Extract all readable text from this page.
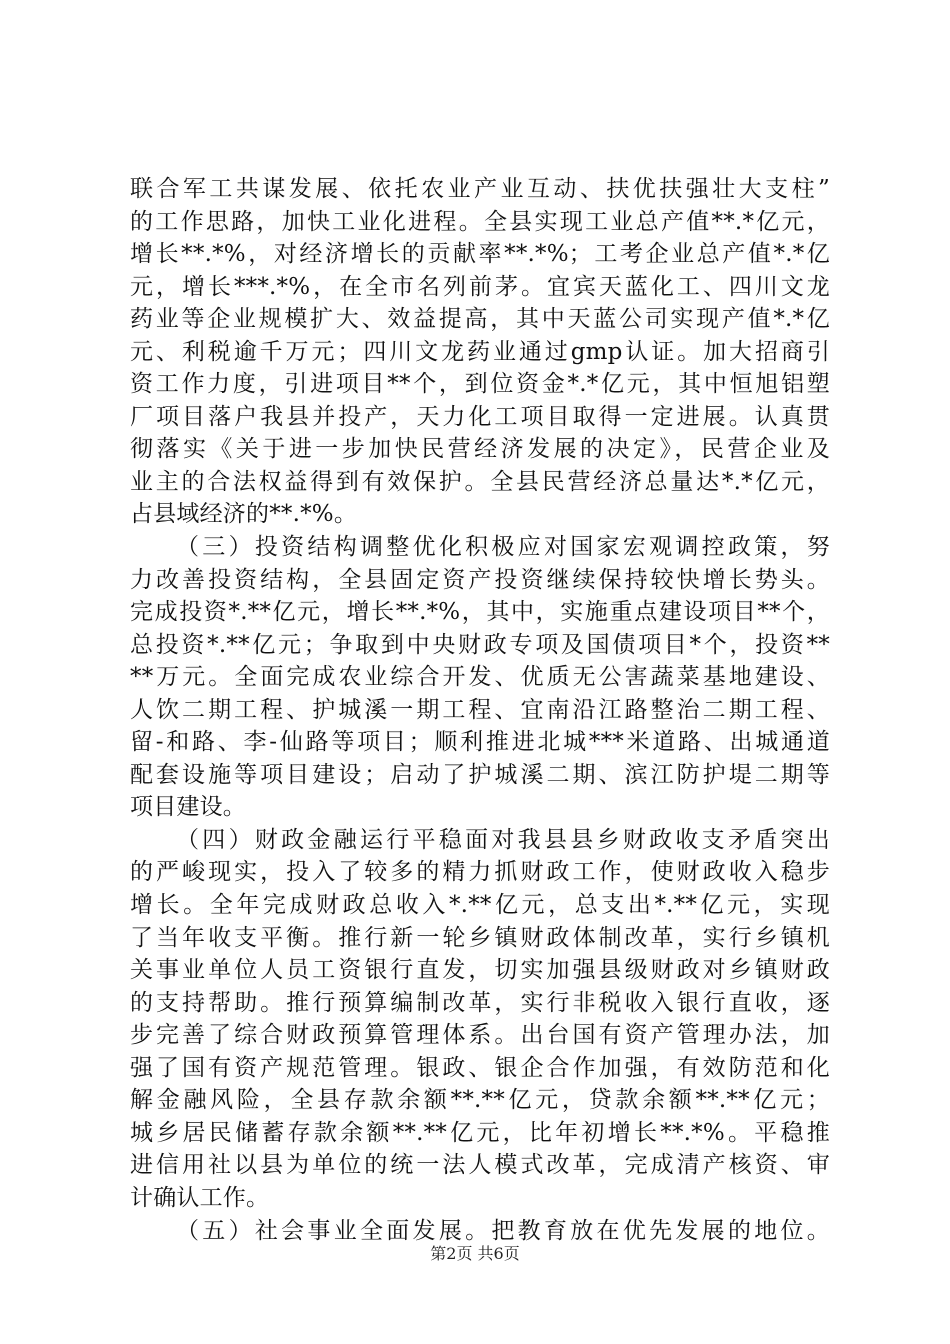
联合军工共谋发展、依托农业产业互动、扶优扶强壮大支柱”
的工作思路，加快工业化进程。全县实现工业总产值**.*亿元，
增长**.*%，对经济增长的贡献率**.*%；工考企业总产值*.*亿
元，增长***.*%，在全市名列前茅。宜宾天蓝化工、四川文龙
药业等企业规模扩大、效益提高，其中天蓝公司实现产值*.*亿
元、利税逾千万元；四川文龙药业通过gmp认证。加大招商引
资工作力度，引进项目**个，到位资金*.*亿元，其中恒旭铝塑
厂项目落户我县并投产，天力化工项目取得一定进展。认真贯
彻落实《关于进一步加快民营经济发展的决定》，民营企业及
业主的合法权益得到有效保护。全县民营经济总量达*.*亿元，
占县域经济的**.*%。
（三）投资结构调整优化积极应对国家宏观调控政策，努
力改善投资结构，全县固定资产投资继续保持较快增长势头。
完成投资*.**亿元，增长**.*%，其中，实施重点建设项目**个，
总投资*.**亿元；争取到中央财政专项及国债项目*个，投资**
**万元。全面完成农业综合开发、优质无公害蔬菜基地建设、
人饮二期工程、护城溪一期工程、宜南沿江路整治二期工程、
留-和路、李-仙路等项目；顺利推进北城***米道路、出城通道
配套设施等项目建设；启动了护城溪二期、滨江防护堤二期等
项目建设。
（四）财政金融运行平稳面对我县县乡财政收支矛盾突出
的严峻现实，投入了较多的精力抓财政工作，使财政收入稳步
增长。全年完成财政总收入*.**亿元，总支出*.**亿元，实现
了当年收支平衡。推行新一轮乡镇财政体制改革，实行乡镇机
关事业单位人员工资银行直发，切实加强县级财政对乡镇财政
的支持帮助。推行预算编制改革，实行非税收入银行直收，逐
步完善了综合财政预算管理体系。出台国有资产管理办法，加
强了国有资产规范管理。银政、银企合作加强，有效防范和化
解金融风险，全县存款余额**.**亿元，贷款余额**.**亿元；
城乡居民储蓄存款余额**.**亿元，比年初增长**.*%。平稳推
进信用社以县为单位的统一法人模式改革，完成清产核资、审
计确认工作。
（五）社会事业全面发展。把教育放在优先发展的地位。
第2页 共6页
